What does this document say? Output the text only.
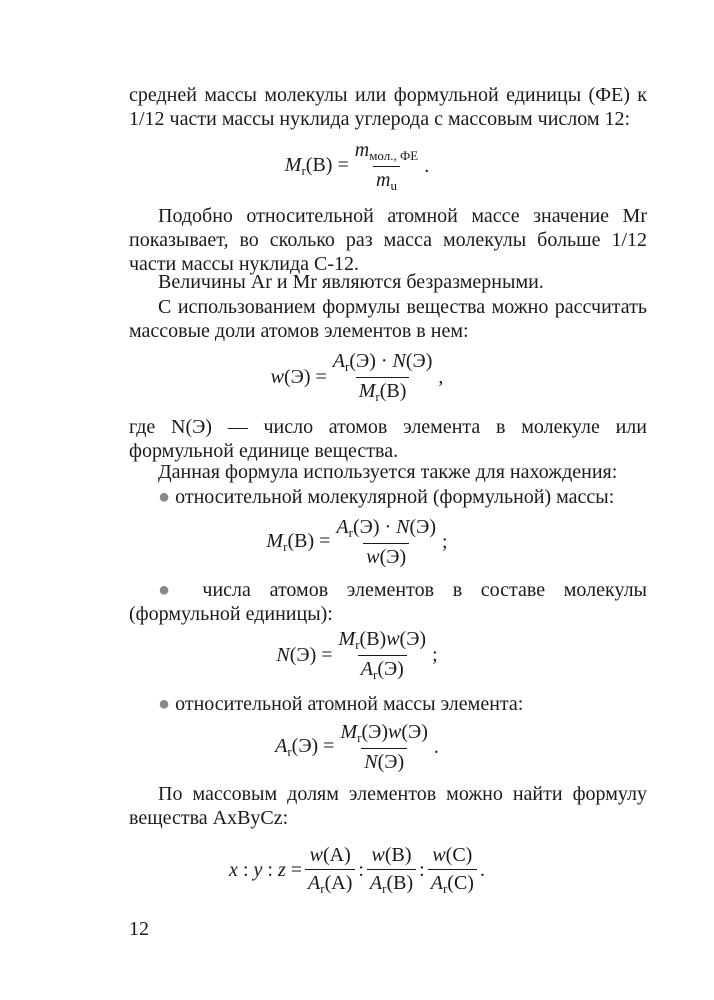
средней массы молекулы или формульной единицы (ФЕ) к 1/12 части массы нуклида углерода с массовым числом 12:

$M_r(В) = \frac{m_{мол., ФЕ}}{m_u}$ .

Подобно относительной атомной массе значение Mr показывает, во сколько раз масса молекулы больше 1/12 части массы нуклида С-12.

Величины Ar и Mr являются безразмерными.

С использованием формулы вещества можно рассчитать массовые доли атомов элементов в нем:

$w(Э) = \frac{A_r(Э) \cdot N(Э)}{M_r(В)}$ ,

где N(Э) — число атомов элемента в молекуле или формульной единице вещества.

Данная формула используется также для нахождения:

● относительной молекулярной (формульной) массы:

$M_r(В) = \frac{A_r(Э) \cdot N(Э)}{w(Э)}$ ;

● числа атомов элементов в составе молекулы (формульной единицы):

$N(Э) = \frac{M_r(В)w(Э)}{A_r(Э)}$ ;

● относительной атомной массы элемента:

$A_r(Э) = \frac{M_r(Э)w(Э)}{N(Э)}$ .

По массовым долям элементов можно найти формулу вещества AxByCz:

x : y : $z = \frac{w(А)}{A_r(А)}$ : $\frac{w(В)}{A_r(В)}$ : $\frac{w(С)}{A_r(С)}$ .
12
